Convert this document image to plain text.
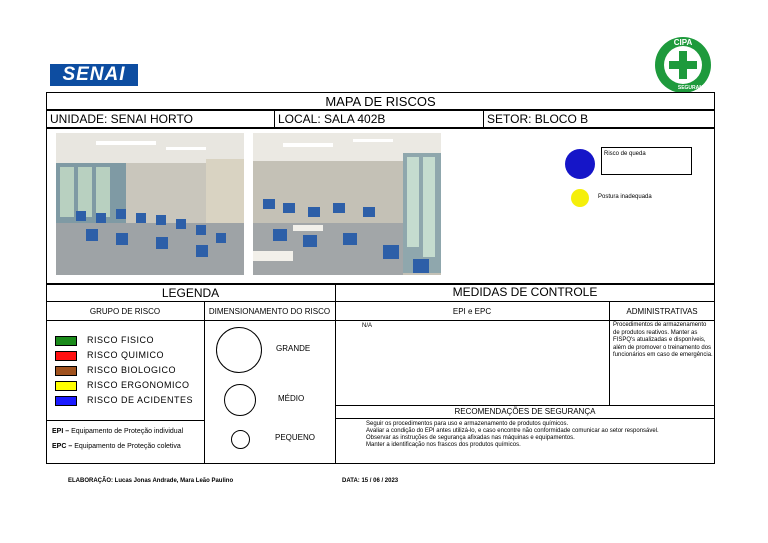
SENAI
CIPA
SEGURANÇA
MAPA DE RISCOS
UNIDADE: SENAI HORTO	LOCAL: SALA 402B	SETOR: BLOCO B
Risco de queda
Postura inadequada
LEGENDA
GRUPO DE RISCO	DIMENSIONAMENTO DO RISCO
RISCO FISICO
RISCO QUIMICO
RISCO BIOLOGICO
RISCO ERGONOMICO
RISCO DE ACIDENTES
EPI – Equipamento de Proteção individual
EPC – Equipamento de Proteção coletiva
GRANDE
MÉDIO
PEQUENO
MEDIDAS DE CONTROLE
EPI e EPC	ADMINISTRATIVAS
N/A	Procedimentos de armazenamento de produtos reativos. Manter as FISPQ's atualizadas e disponíveis, além de promover o treinamento dos funcionários em caso de emergência.
RECOMENDAÇÕES DE SEGURANÇA
Seguir os procedimentos para uso e armazenamento de produtos químicos.
Avaliar a condição do EPI antes utilizá-lo, e caso encontre não conformidade comunicar ao setor responsável.
Observar as instruções de segurança afixadas nas máquinas e equipamentos.
Manter a identificação nos frascos dos produtos químicos.
ELABORAÇÃO: Lucas Jonas Andrade, Mara Leão Paulino	DATA: 15 / 06 / 2023
